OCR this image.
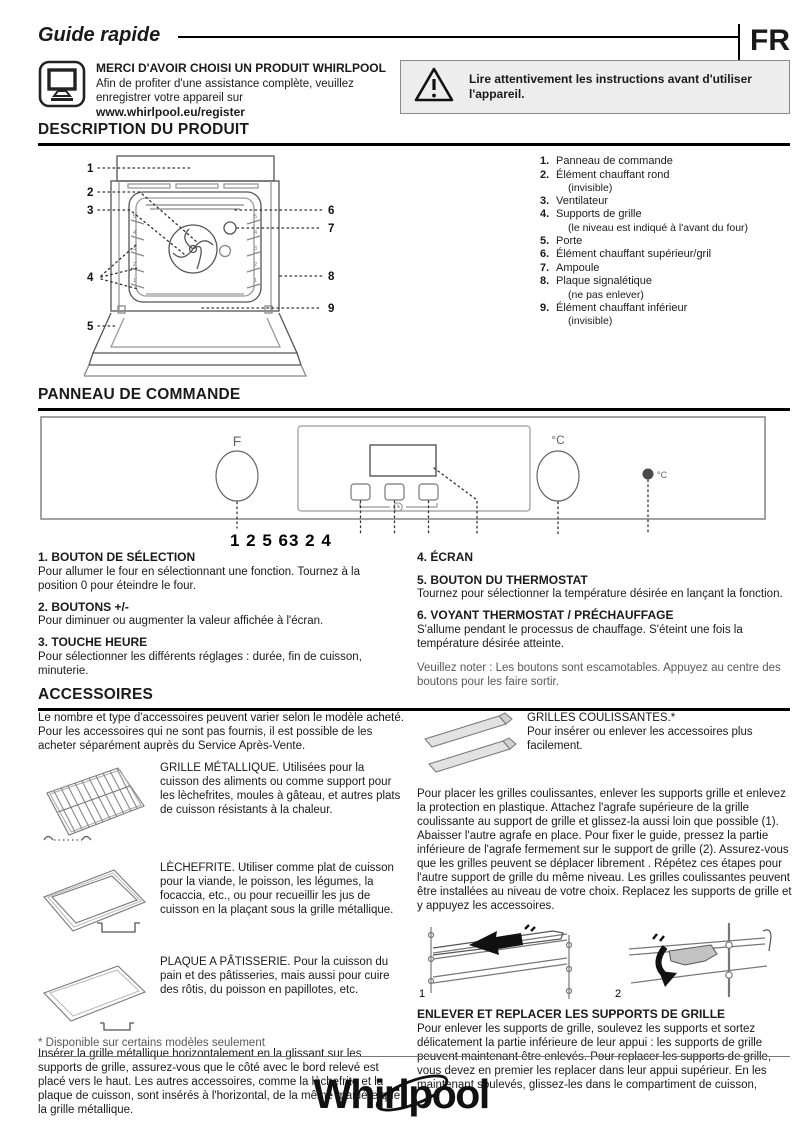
Guide rapide	FR
MERCI D'AVOIR CHOISI UN PRODUIT WHIRLPOOL
Afin de profiter d'une assistance complète, veuillez enregistrer votre appareil sur
www.whirlpool.eu/register
Lire attentivement les instructions avant d'utiliser l'appareil.
DESCRIPTION DU PRODUIT
5
4
3
2
1
5
4
3
2
1
1
2
3
4
5
6
7
8
9
1. Panneau de commande
2. Élément chauffant rond
(invisible)
3. Ventilateur
4. Supports de grille
(le niveau est indiqué à l'avant du four)
5. Porte
6. Élément chauffant supérieur/gril
7. Ampoule
8. Plaque signalétique
(ne pas enlever)
9. Élément chauffant inférieur
(invisible)
PANNEAU DE COMMANDE
F	°C
°C
1 2 5 63 2 4
1. BOUTON DE SÉLECTION

Pour allumer le four en sélectionnant une fonction. Tournez à la position 0 pour éteindre le four.

2. BOUTONS +/-

Pour diminuer ou augmenter la valeur affichée à l'écran.

3. TOUCHE HEURE

Pour sélectionner les différents réglages : durée, fin de cuisson, minuterie.

4. ÉCRAN
5. BOUTON DU THERMOSTAT

Tournez pour sélectionner la température désirée en lançant la fonction.

6. VOYANT THERMOSTAT / PRÉCHAUFFAGE

S'allume pendant le processus de chauffage. S'éteint une fois la température désirée atteinte.

Veuillez noter : Les boutons sont escamotables. Appuyez au centre des boutons pour les faire sortir.

ACCESSOIRES

Le nombre et type d'accessoires peuvent varier selon le modèle acheté. Pour les accessoires qui ne sont pas fournis, il est possible de les acheter séparément auprès du Service Après-Vente.

GRILLE MÉTALLIQUE. Utilisées pour la cuisson des aliments ou comme support pour les lèchefrites, moules à gâteau, et autres plats de cuisson résistants à la chaleur.
LÈCHEFRITE. Utiliser comme plat de cuisson pour la viande, le poisson, les légumes, la focaccia, etc., ou pour recueillir les jus de cuisson en la plaçant sous la grille métallique.
PLAQUE A PÂTISSERIE. Pour la cuisson du pain et des pâtisseries, mais aussi pour cuire des rôtis, du poisson en papillotes, etc.

Insérer la grille métallique horizontalement en la glissant sur les supports de grille, assurez-vous que le côté avec le bord relevé est placé vers le haut. Les autres accessoires, comme la lèchefrite et la plaque de cuisson, sont insérés à l'horizontal, de la même manière que la grille métallique.

* Disponible sur certains modèles seulement
GRILLES COULISSANTES.*
Pour insérer ou enlever les accessoires plus facilement.

Pour placer les grilles coulissantes, enlever les supports grille et enlevez la protection en plastique. Attachez l'agrafe supérieure de la grille coulissante au support de grille et glissez-la aussi loin que possible (1). Abaisser l'autre agrafe en place. Pour fixer le guide, pressez la partie inférieure de l'agrafe fermement sur le support de grille (2). Assurez-vous que les grilles peuvent se déplacer librement . Répétez ces étapes pour l'autre support de grille du même niveau. Les grilles coulissantes peuvent être installées au niveau de votre choix. Replacez les supports de grille et y appuyez les accessoires.

1	2
ENLEVER ET REPLACER LES SUPPORTS DE GRILLE

Pour enlever les supports de grille, soulevez les supports et sortez délicatement la partie inférieure de leur appui : les supports de grille peuvent maintenant être enlevés. Pour replacer les supports de grille, vous devez en premier les replacer dans leur appui supérieur. En les maintenant soulevés, glissez-les dans le compartiment de cuisson,

Whirlpool
